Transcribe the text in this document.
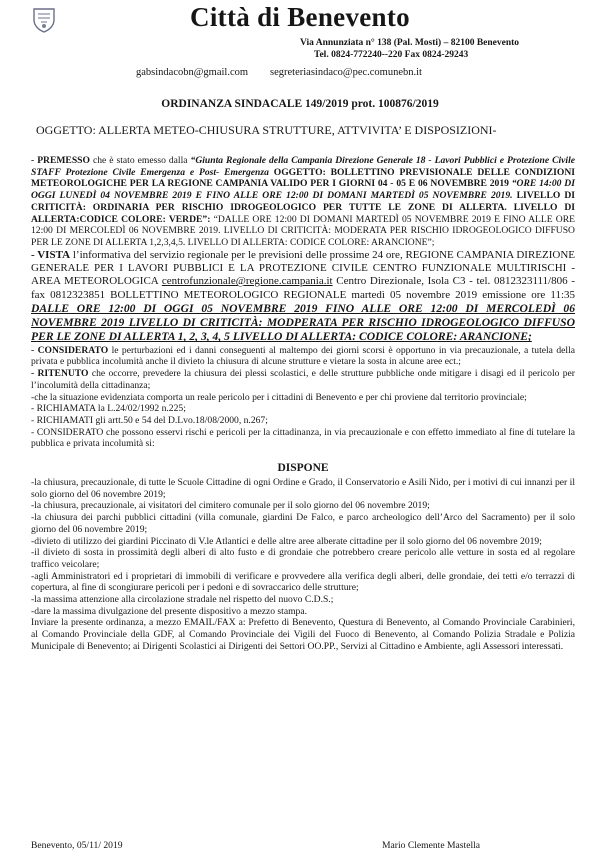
Città di Benevento
Via Annunziata n° 138 (Pal. Mosti) – 82100 Benevento
Tel. 0824-772240--220 Fax 0824-29243
gabsindacobn@gmail.com segreteriasindaco@pec.comunebn.it
ORDINANZA SINDACALE 149/2019 prot. 100876/2019
OGGETTO: ALLERTA METEO-CHIUSURA STRUTTURE, ATTVIVITA’ E DISPOSIZIONI-

- PREMESSO che è stato emesso dalla “Giunta Regionale della Campania Direzione Generale 18 - Lavori Pubblici e Protezione Civile STAFF Protezione Civile Emergenza e Post- Emergenza OGGETTO: BOLLETTINO PREVISIONALE DELLE CONDIZIONI METEOROLOGICHE PER LA REGIONE CAMPANIA VALIDO PER I GIORNI 04 - 05 E 06 NOVEMBRE 2019 “ORE 14:00 DI OGGI LUNEDÌ 04 NOVEMBRE 2019 E FINO ALLE ORE 12:00 DI DOMANI MARTEDÌ 05 NOVEMBRE 2019. LIVELLO DI CRITICITÀ: ORDINARIA PER RISCHIO IDROGEOLOGICO PER TUTTE LE ZONE DI ALLERTA. LIVELLO DI ALLERTA:CODICE COLORE: VERDE”: “DALLE ORE 12:00 DI DOMANI MARTEDÌ 05 NOVEMBRE 2019 E FINO ALLE ORE 12:00 DI MERCOLEDÌ 06 NOVEMBRE 2019. LIVELLO DI CRITICITÀ: MODERATA PER RISCHIO IDROGEOLOGICO DIFFUSO PER LE ZONE DI ALLERTA 1,2,3,4,5. LIVELLO DI ALLERTA: CODICE COLORE: ARANCIONE”;

- VISTA l’informativa del servizio regionale per le previsioni delle prossime 24 ore, REGIONE CAMPANIA DIREZIONE GENERALE PER I LAVORI PUBBLICI E LA PROTEZIONE CIVILE CENTRO FUNZIONALE MULTIRISCHI - AREA METEOROLOGICA centrofunzionale@regione.campania.it Centro Direzionale, Isola C3 - tel. 0812323111/806 - fax 0812323851 BOLLETTINO METEOROLOGICO REGIONALE martedì 05 novembre 2019 emissione ore 11:35 DALLE ORE 12:00 DI OGGI 05 NOVEMBRE 2019 FINO ALLE ORE 12:00 DI MERCOLEDÌ 06 NOVEMBRE 2019 LIVELLO DI CRITICITÀ: MODPERATA PER RISCHIO IDROGEOLOGICO DIFFUSO PER LE ZONE DI ALLERTA 1, 2, 3, 4, 5 LIVELLO DI ALLERTA: CODICE COLORE: ARANCIONE;

- CONSIDERATO le perturbazioni ed i danni conseguenti al maltempo dei giorni scorsi è opportuno in via precauzionale, a tutela della privata e pubblica incolumità anche il divieto la chiusura di alcune strutture e vietare la sosta in alcune aree ect.;

- RITENUTO che occorre, prevedere la chiusura dei plessi scolastici, e delle strutture pubbliche onde mitigare i disagi ed il pericolo per l’incolumità della cittadinanza;

-che la situazione evidenziata comporta un reale pericolo per i cittadini di Benevento e per chi proviene dal territorio provinciale;

- RICHIAMATA la L.24/02/1992 n.225;

- RICHIAMATI gli artt.50 e 54 del D.Lvo.18/08/2000, n.267;

- CONSIDERATO che possono esservi rischi e pericoli per la cittadinanza, in via precauzionale e con effetto immediato al fine di tutelare la pubblica e privata incolumità si:

DISPONE

-la chiusura, precauzionale, di tutte le Scuole Cittadine di ogni Ordine e Grado, il Conservatorio e Asili Nido, per i motivi di cui innanzi per il solo giorno del 06 novembre 2019;

-la chiusura, precauzionale, ai visitatori del cimitero comunale per il solo giorno del 06 novembre 2019;

-la chiusura dei parchi pubblici cittadini (villa comunale, giardini De Falco, e parco archeologico dell’Arco del Sacramento) per il solo giorno del 06 novembre 2019;

-divieto di utilizzo dei giardini Piccinato di V.le Atlantici e delle altre aree alberate cittadine per il solo giorno del 06 novembre 2019;

-il divieto di sosta in prossimità degli alberi di alto fusto e di grondaie che potrebbero creare pericolo alle vetture in sosta ed al regolare traffico veicolare;

-agli Amministratori ed i proprietari di immobili di verificare e provvedere alla verifica degli alberi, delle grondaie, dei tetti e/o terrazzi di copertura, al fine di scongiurare pericoli per i pedoni e di sovraccarico delle strutture;

-la massima attenzione alla circolazione stradale nel rispetto del nuovo C.D.S.;

-dare la massima divulgazione del presente dispositivo a mezzo stampa.

Inviare la presente ordinanza, a mezzo EMAIL/FAX a: Prefetto di Benevento, Questura di Benevento, al Comando Provinciale Carabinieri, al Comando Provinciale della GDF, al Comando Provinciale dei Vigili del Fuoco di Benevento, al Comando Polizia Stradale e Polizia Municipale di Benevento; ai Dirigenti Scolastici ai Dirigenti dei Settori OO.PP., Servizi al Cittadino e Ambiente, agli Assessori interessati.

Benevento, 05/11/ 2019	Mario Clemente Mastella
